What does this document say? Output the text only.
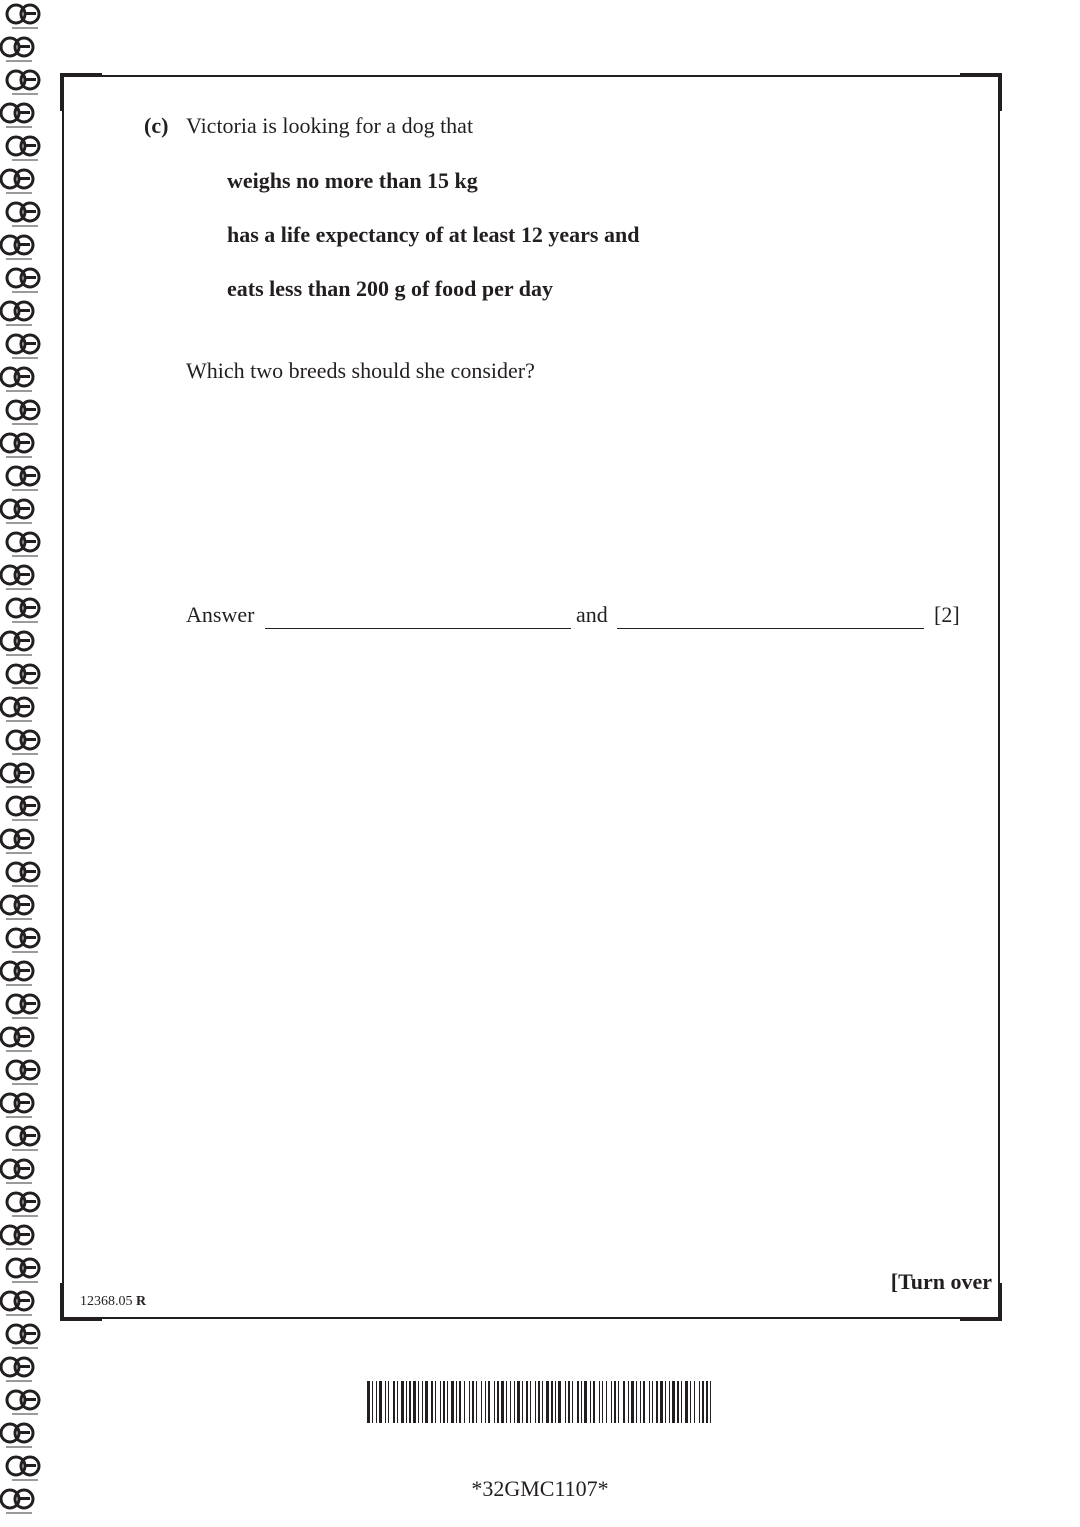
(c) Victoria is looking for a dog that
weighs no more than 15 kg
has a life expectancy of at least 12 years and
eats less than 200 g of food per day
Which two breeds should she consider?
Answer	and	[2]
12368.05 R
[Turn over
*32GMC1107*
